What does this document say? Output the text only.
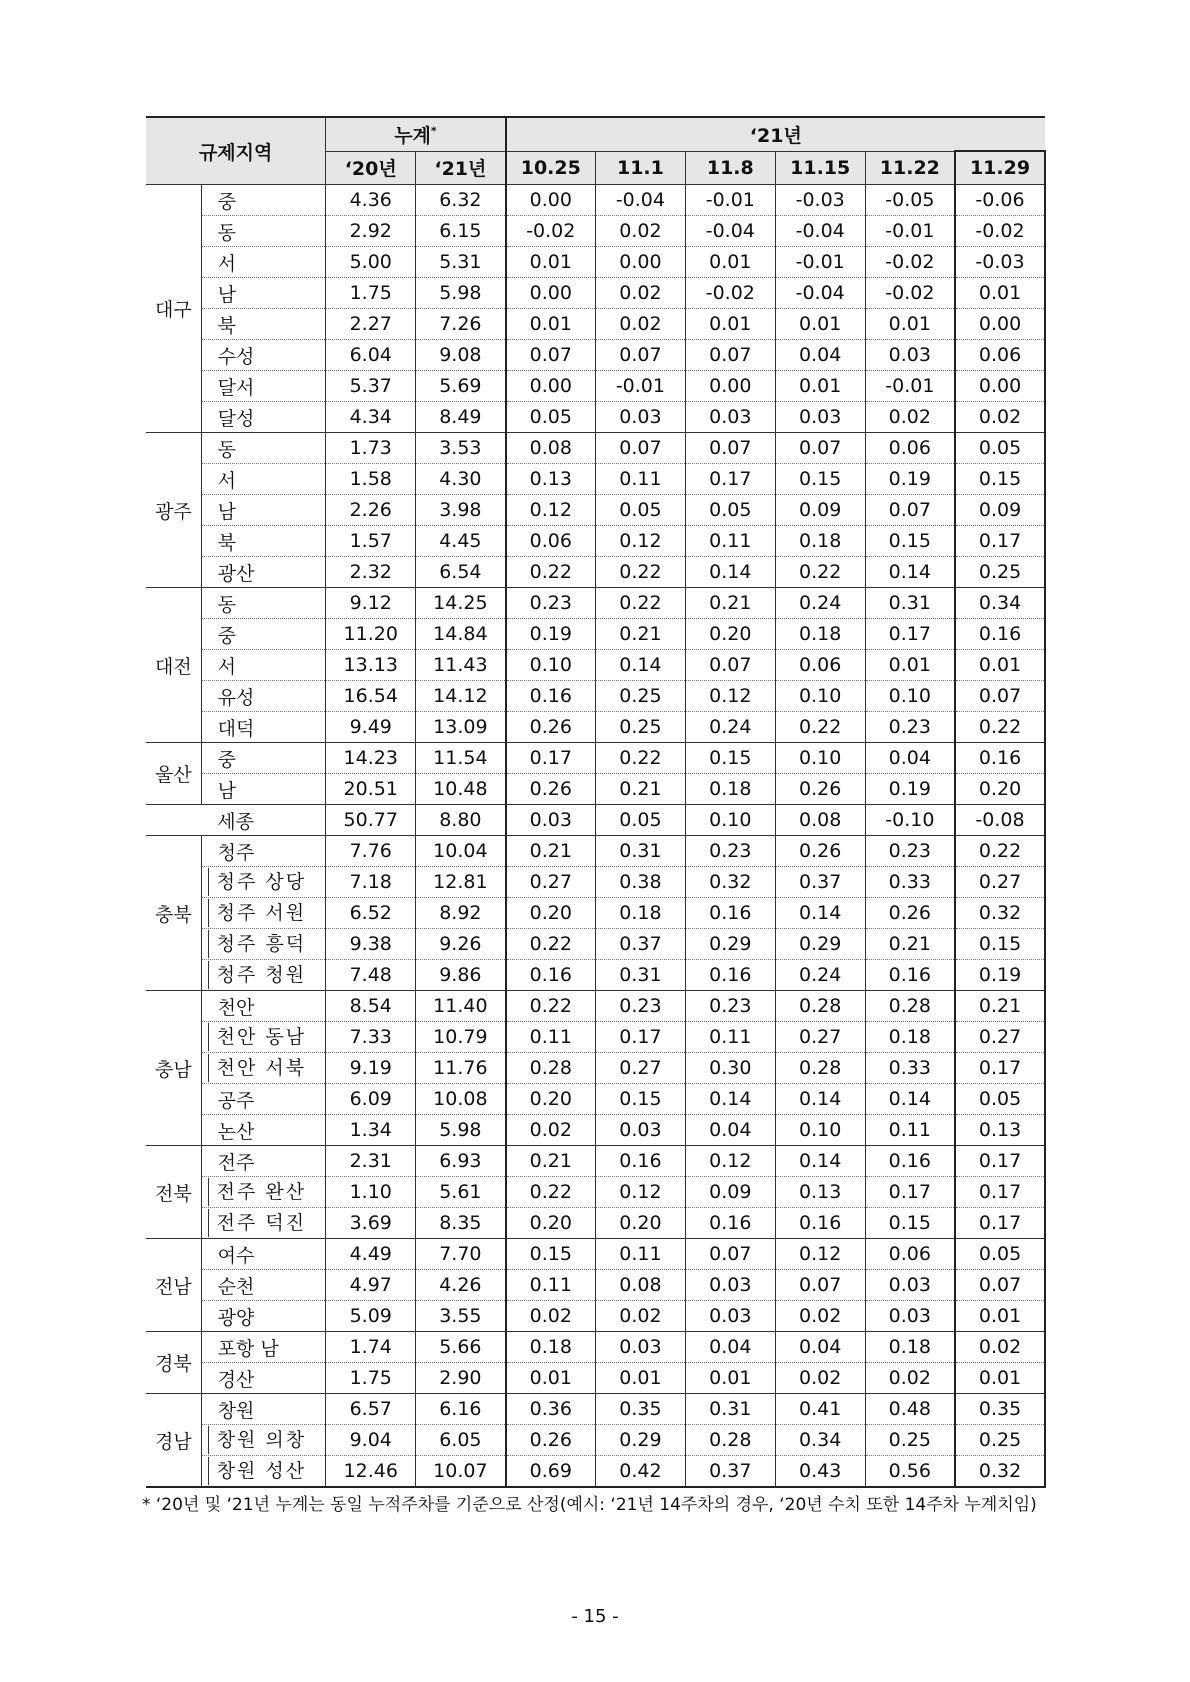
규제지역		누계*		‘21년					
		‘20년	‘21년	10.25	11.1	11.8	11.15	11.22	11.29
대구	중	4.36	6.32	0.00	-0.04	-0.01	-0.03	-0.05	-0.06
	동	2.92	6.15	-0.02	0.02	-0.04	-0.04	-0.01	-0.02
	서	5.00	5.31	0.01	0.00	0.01	-0.01	-0.02	-0.03
	남	1.75	5.98	0.00	0.02	-0.02	-0.04	-0.02	0.01
	북	2.27	7.26	0.01	0.02	0.01	0.01	0.01	0.00
	수성	6.04	9.08	0.07	0.07	0.07	0.04	0.03	0.06
	달서	5.37	5.69	0.00	-0.01	0.00	0.01	-0.01	0.00
	달성	4.34	8.49	0.05	0.03	0.03	0.03	0.02	0.02
광주	동	1.73	3.53	0.08	0.07	0.07	0.07	0.06	0.05
	서	1.58	4.30	0.13	0.11	0.17	0.15	0.19	0.15
	남	2.26	3.98	0.12	0.05	0.05	0.09	0.07	0.09
	북	1.57	4.45	0.06	0.12	0.11	0.18	0.15	0.17
	광산	2.32	6.54	0.22	0.22	0.14	0.22	0.14	0.25
대전	동	9.12	14.25	0.23	0.22	0.21	0.24	0.31	0.34
	중	11.20	14.84	0.19	0.21	0.20	0.18	0.17	0.16
	서	13.13	11.43	0.10	0.14	0.07	0.06	0.01	0.01
	유성	16.54	14.12	0.16	0.25	0.12	0.10	0.10	0.07
	대덕	9.49	13.09	0.26	0.25	0.24	0.22	0.23	0.22
울산	중	14.23	11.54	0.17	0.22	0.15	0.10	0.04	0.16
	남	20.51	10.48	0.26	0.21	0.18	0.26	0.19	0.20
세종		50.77	8.80	0.03	0.05	0.10	0.08	-0.10	-0.08
충북	청주	7.76	10.04	0.21	0.31	0.23	0.26	0.23	0.22
	청주 상당	7.18	12.81	0.27	0.38	0.32	0.37	0.33	0.27
	청주 서원	6.52	8.92	0.20	0.18	0.16	0.14	0.26	0.32
	청주 흥덕	9.38	9.26	0.22	0.37	0.29	0.29	0.21	0.15
	청주 청원	7.48	9.86	0.16	0.31	0.16	0.24	0.16	0.19
충남	천안	8.54	11.40	0.22	0.23	0.23	0.28	0.28	0.21
	천안 동남	7.33	10.79	0.11	0.17	0.11	0.27	0.18	0.27
	천안 서북	9.19	11.76	0.28	0.27	0.30	0.28	0.33	0.17
	공주	6.09	10.08	0.20	0.15	0.14	0.14	0.14	0.05
	논산	1.34	5.98	0.02	0.03	0.04	0.10	0.11	0.13
전북	전주	2.31	6.93	0.21	0.16	0.12	0.14	0.16	0.17
	전주 완산	1.10	5.61	0.22	0.12	0.09	0.13	0.17	0.17
	전주 덕진	3.69	8.35	0.20	0.20	0.16	0.16	0.15	0.17
전남	여수	4.49	7.70	0.15	0.11	0.07	0.12	0.06	0.05
	순천	4.97	4.26	0.11	0.08	0.03	0.07	0.03	0.07
	광양	5.09	3.55	0.02	0.02	0.03	0.02	0.03	0.01
경북	포항 남	1.74	5.66	0.18	0.03	0.04	0.04	0.18	0.02
	경산	1.75	2.90	0.01	0.01	0.01	0.02	0.02	0.01
경남	창원	6.57	6.16	0.36	0.35	0.31	0.41	0.48	0.35
	창원 의창	9.04	6.05	0.26	0.29	0.28	0.34	0.25	0.25
	창원 성산	12.46	10.07	0.69	0.42	0.37	0.43	0.56	0.32
* ‘20년 및 ‘21년 누계는 동일 누적주차를 기준으로 산정(예시: ‘21년 14주차의 경우, ‘20년 수치 또한 14주차 누계치임)
- 15 -
